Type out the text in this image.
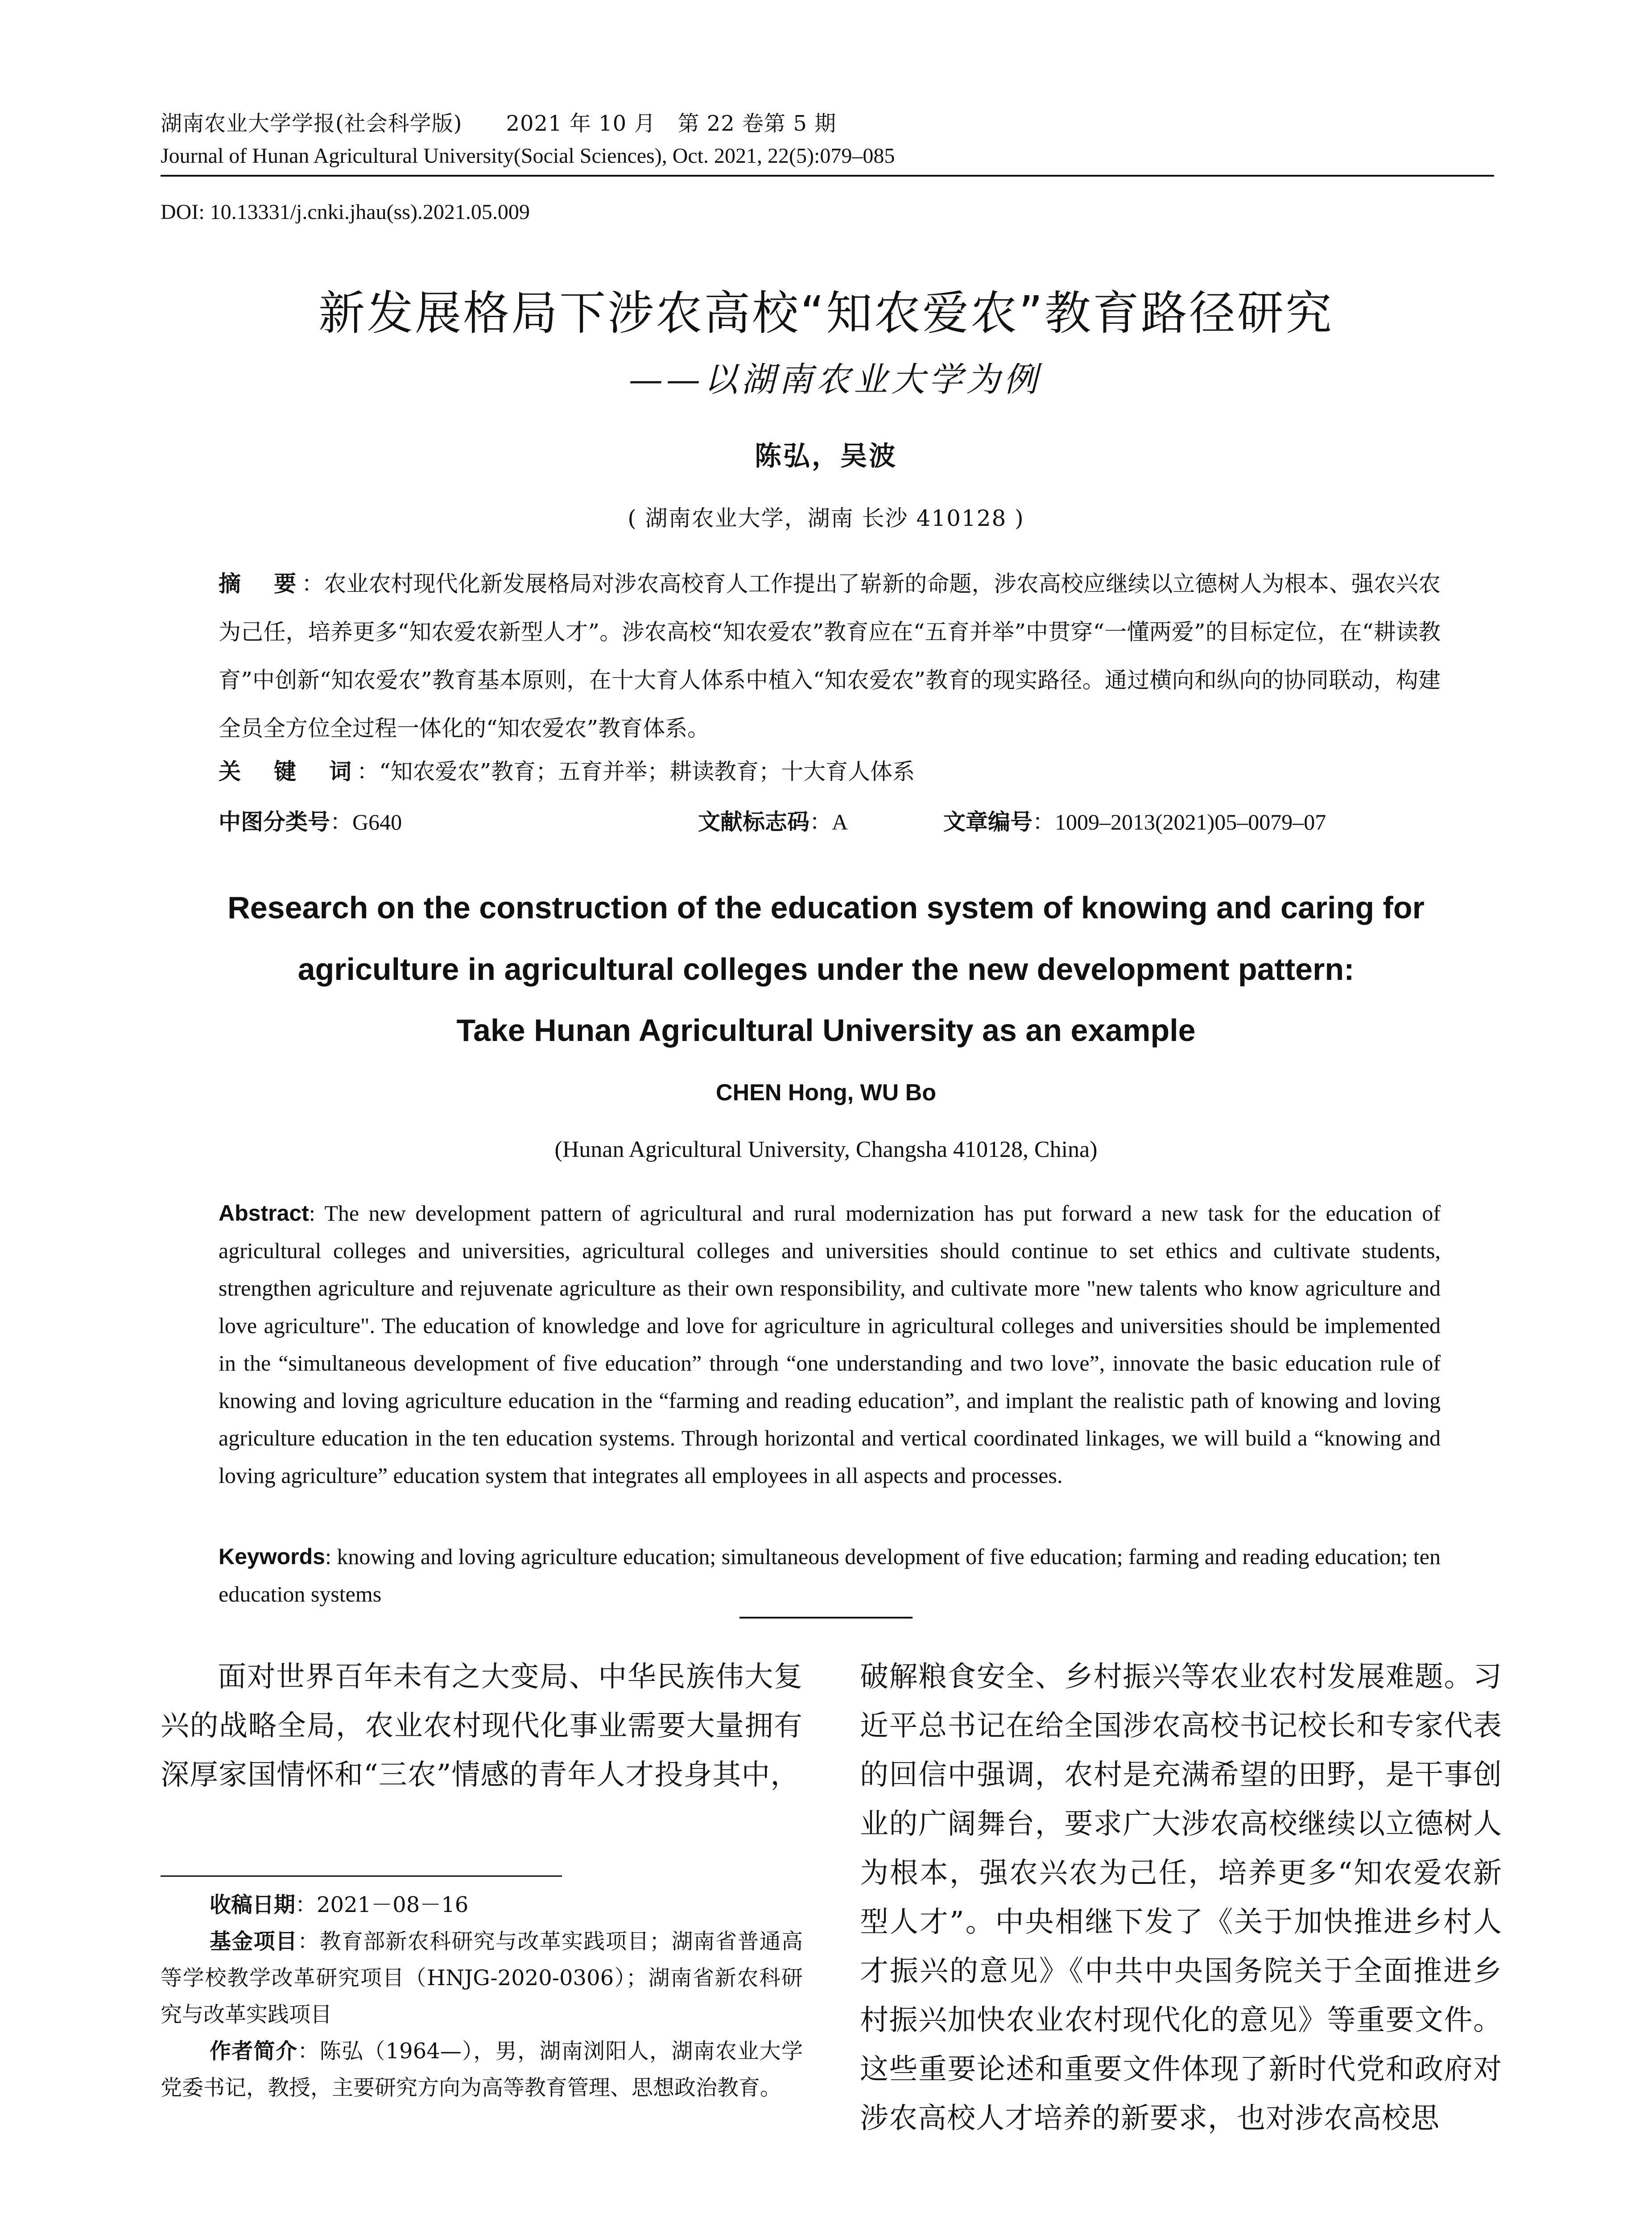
湖南农业大学学报(社会科学版)　　2021 年 10 月　第 22 卷第 5 期
Journal of Hunan Agricultural University(Social Sciences), Oct. 2021, 22(5):079–085
DOI: 10.13331/j.cnki.jhau(ss).2021.05.009
新发展格局下涉农高校“知农爱农”教育路径研究
——以湖南农业大学为例
陈弘，吴波
( 湖南农业大学，湖南 长沙 410128 )
摘　要：农业农村现代化新发展格局对涉农高校育人工作提出了崭新的命题，涉农高校应继续以立德树人为根本、强农兴农为己任，培养更多“知农爱农新型人才”。涉农高校“知农爱农”教育应在“五育并举”中贯穿“一懂两爱”的目标定位，在“耕读教育”中创新“知农爱农”教育基本原则，在十大育人体系中植入“知农爱农”教育的现实路径。通过横向和纵向的协同联动，构建全员全方位全过程一体化的“知农爱农”教育体系。
关　键　词：“知农爱农”教育；五育并举；耕读教育；十大育人体系
中图分类号：G640	文献标志码：A	文章编号：1009–2013(2021)05–0079–07
Research on the construction of the education system of knowing and caring for
agriculture in agricultural colleges under the new development pattern:
Take Hunan Agricultural University as an example
CHEN Hong, WU Bo
(Hunan Agricultural University, Changsha 410128, China)
Abstract: The new development pattern of agricultural and rural modernization has put forward a new task for the education of agricultural colleges and universities, agricultural colleges and universities should continue to set ethics and cultivate students, strengthen agriculture and rejuvenate agriculture as their own responsibility, and cultivate more "new talents who know agriculture and love agriculture". The education of knowledge and love for agriculture in agricultural colleges and universities should be implemented in the “simultaneous development of five education” through “one understanding and two love”, innovate the basic education rule of knowing and loving agriculture education in the “farming and reading education”, and implant the realistic path of knowing and loving agriculture education in the ten education systems. Through horizontal and vertical coordinated linkages, we will build a “knowing and loving agriculture” education system that integrates all employees in all aspects and processes.
Keywords: knowing and loving agriculture education; simultaneous development of five education; farming and reading education; ten education systems
面对世界百年未有之大变局、中华民族伟大复兴的战略全局，农业农村现代化事业需要大量拥有深厚家国情怀和“三农”情感的青年人才投身其中，
破解粮食安全、乡村振兴等农业农村发展难题。习近平总书记在给全国涉农高校书记校长和专家代表的回信中强调，农村是充满希望的田野，是干事创业的广阔舞台，要求广大涉农高校继续以立德树人为根本，强农兴农为己任，培养更多“知农爱农新型人才”。中央相继下发了《关于加快推进乡村人才振兴的意见》《中共中央国务院关于全面推进乡村振兴加快农业农村现代化的意见》等重要文件。这些重要论述和重要文件体现了新时代党和政府对涉农高校人才培养的新要求，也对涉农高校思

收稿日期：2021－08－16

基金项目：教育部新农科研究与改革实践项目；湖南省普通高等学校教学改革研究项目（HNJG-2020-0306）；湖南省新农科研究与改革实践项目

作者简介：陈弘（1964—），男，湖南浏阳人，湖南农业大学党委书记，教授，主要研究方向为高等教育管理、思想政治教育。
